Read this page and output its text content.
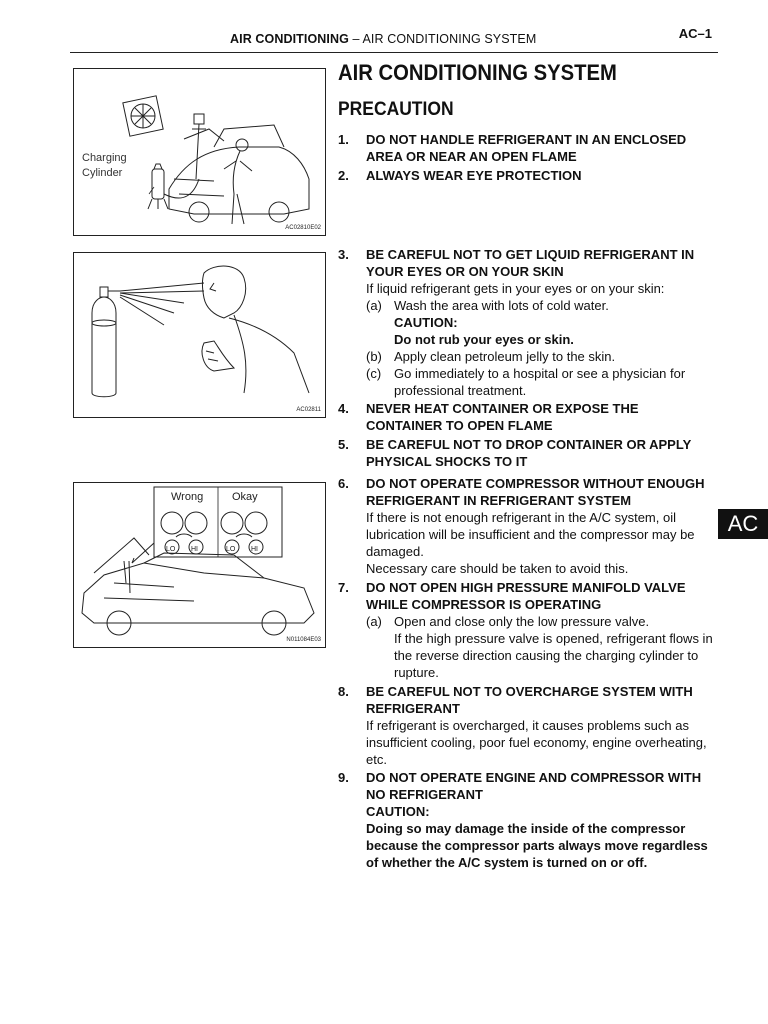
AIR CONDITIONING – AIR CONDITIONING SYSTEM	AC–1
AIR CONDITIONING SYSTEM
PRECAUTION
Charging
Cylinder
AC02810E02
AC02811
Wrong	Okay
LO HI	LO HI
N011084E03
1.	DO NOT HANDLE REFRIGERANT IN AN ENCLOSED AREA OR NEAR AN OPEN FLAME
2.	ALWAYS WEAR EYE PROTECTION
3.	BE CAREFUL NOT TO GET LIQUID REFRIGERANT IN YOUR EYES OR ON YOUR SKIN
If liquid refrigerant gets in your eyes or on your skin:
(a) Wash the area with lots of cold water.
CAUTION:
Do not rub your eyes or skin.
(b) Apply clean petroleum jelly to the skin.
(c) Go immediately to a hospital or see a physician for professional treatment.
4.	NEVER HEAT CONTAINER OR EXPOSE THE CONTAINER TO OPEN FLAME
5.	BE CAREFUL NOT TO DROP CONTAINER OR APPLY PHYSICAL SHOCKS TO IT
6.	DO NOT OPERATE COMPRESSOR WITHOUT ENOUGH REFRIGERANT IN REFRIGERANT SYSTEM
If there is not enough refrigerant in the A/C system, oil lubrication will be insufficient and the compressor may be damaged.
Necessary care should be taken to avoid this.
7.	DO NOT OPEN HIGH PRESSURE MANIFOLD VALVE WHILE COMPRESSOR IS OPERATING
(a) Open and close only the low pressure valve.
If the high pressure valve is opened, refrigerant flows in the reverse direction causing the charging cylinder to rupture.
8.	BE CAREFUL NOT TO OVERCHARGE SYSTEM WITH REFRIGERANT
If refrigerant is overcharged, it causes problems such as insufficient cooling, poor fuel economy, engine overheating, etc.
9.	DO NOT OPERATE ENGINE AND COMPRESSOR WITH NO REFRIGERANT
CAUTION:
Doing so may damage the inside of the compressor because the compressor parts always move regardless of whether the A/C system is turned on or off.
AC
